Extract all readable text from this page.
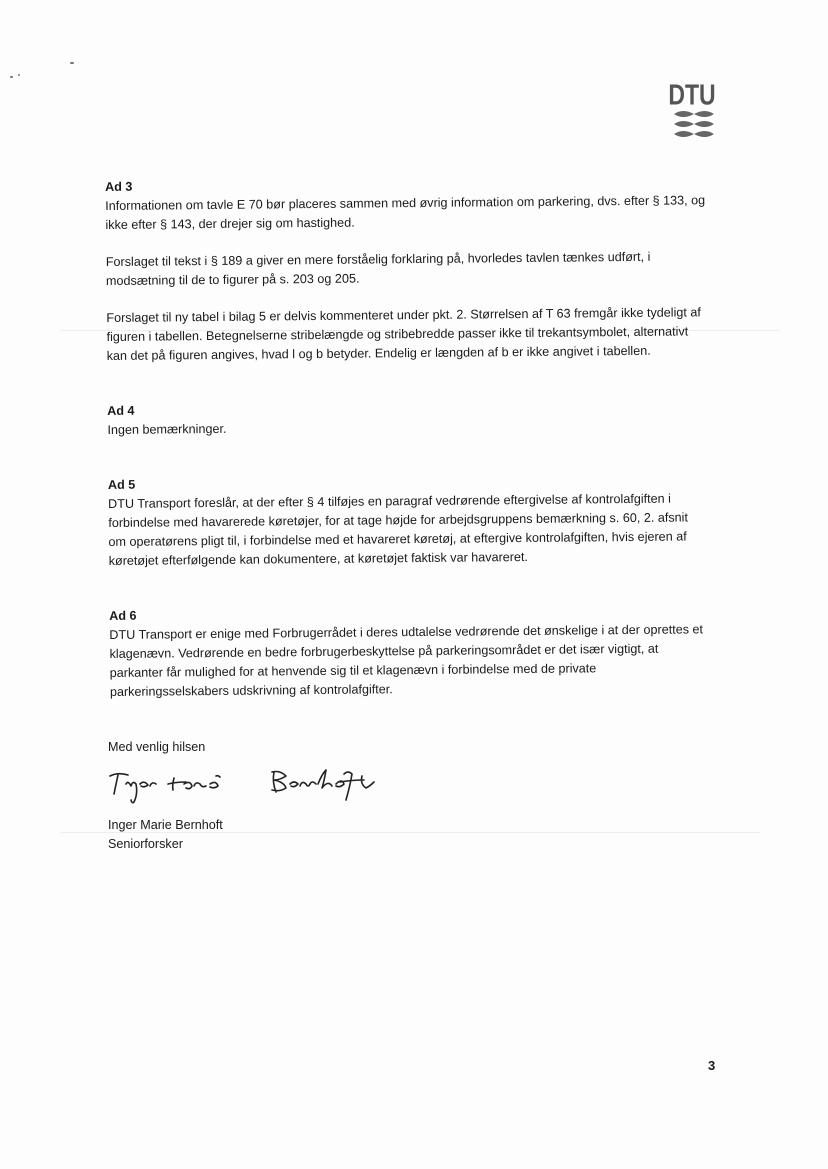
DTU

Ad 3

Informationen om tavle E 70 bør placeres sammen med øvrig information om parkering, dvs. efter § 133, og ikke efter § 143, der drejer sig om hastighed.

Forslaget til tekst i § 189 a giver en mere forståelig forklaring på, hvorledes tavlen tænkes udført, i modsætning til de to figurer på s. 203 og 205.

Forslaget til ny tabel i bilag 5 er delvis kommenteret under pkt. 2. Størrelsen af T 63 fremgår ikke tydeligt af figuren i tabellen. Betegnelserne stribelængde og stribebredde passer ikke til trekantsymbolet, alternativt kan det på figuren angives, hvad l og b betyder. Endelig er længden af b er ikke angivet i tabellen.

Ad 4

Ingen bemærkninger.

Ad 5

DTU Transport foreslår, at der efter § 4 tilføjes en paragraf vedrørende eftergivelse af kontrolafgiften i forbindelse med havarerede køretøjer, for at tage højde for arbejdsgruppens bemærkning s. 60, 2. afsnit om operatørens pligt til, i forbindelse med et havareret køretøj, at eftergive kontrolafgiften, hvis ejeren af køretøjet efterfølgende kan dokumentere, at køretøjet faktisk var havareret.

Ad 6

DTU Transport er enige med Forbrugerrådet i deres udtalelse vedrørende det ønskelige i at der oprettes et klagenævn. Vedrørende en bedre forbrugerbeskyttelse på parkeringsområdet er det især vigtigt, at parkanter får mulighed for at henvende sig til et klagenævn i forbindelse med de private parkeringsselskabers udskrivning af kontrolafgifter.

Med venlig hilsen
Inger Marie Bernhoft
Seniorforsker
3
